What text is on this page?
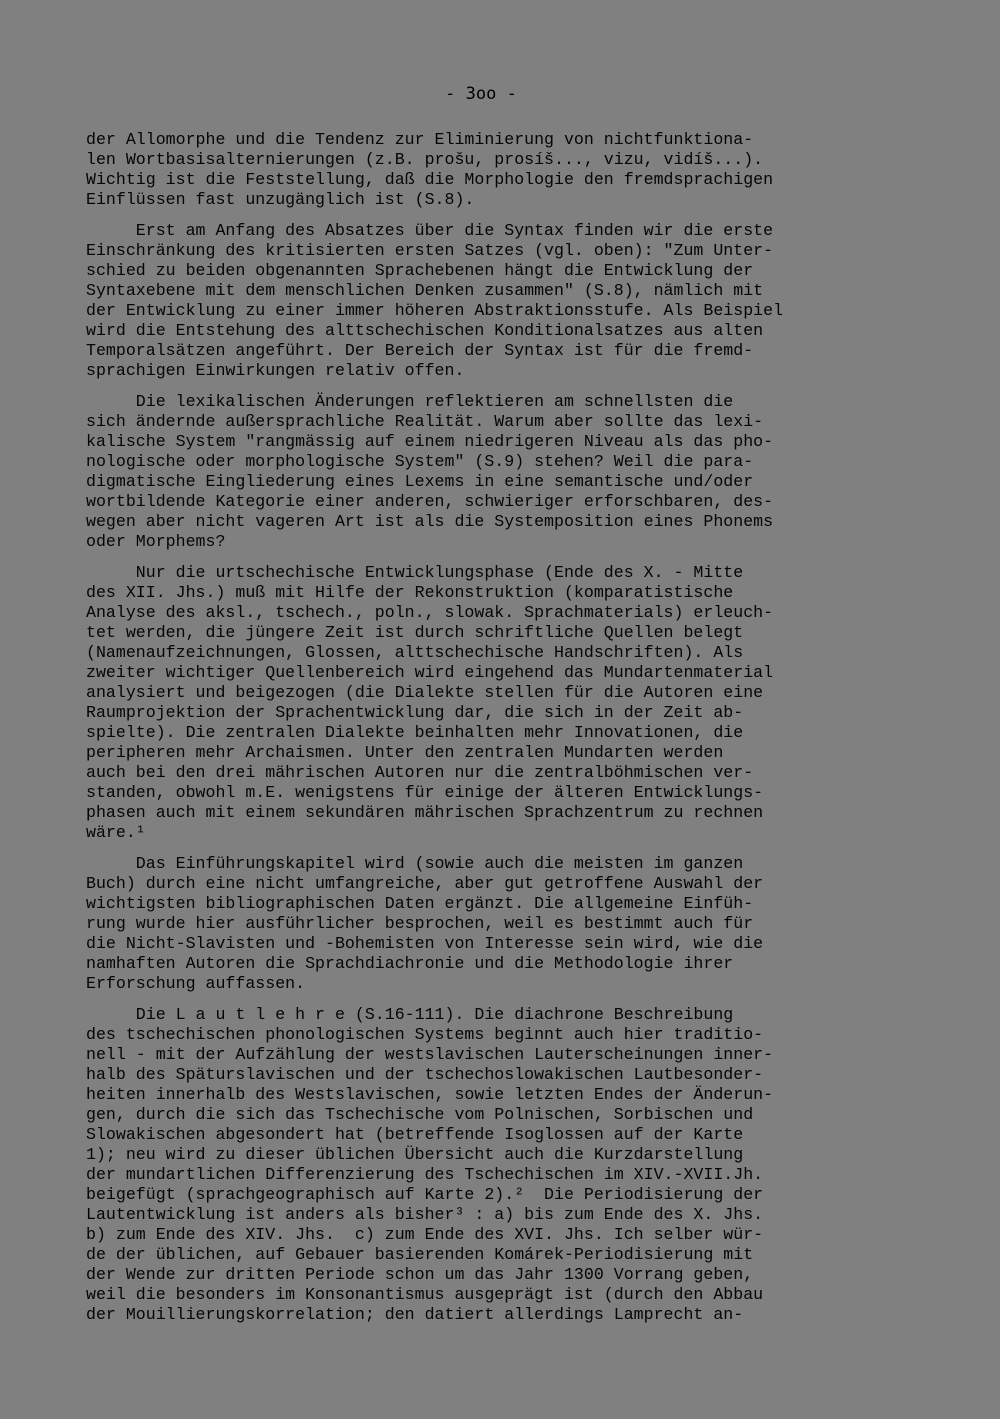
- 3oo -

der Allomorphe und die Tendenz zur Eliminierung von nichtfunktiona-
len Wortbasisalternierungen (z.B. prošu, prosíš..., vizu, vidíš...).
Wichtig ist die Feststellung, daß die Morphologie den fremdsprachigen
Einflüssen fast unzugänglich ist (S.8).
Erst am Anfang des Absatzes über die Syntax finden wir die erste
Einschränkung des kritisierten ersten Satzes (vgl. oben): "Zum Unter-
schied zu beiden obgenannten Sprachebenen hängt die Entwicklung der
Syntaxebene mit dem menschlichen Denken zusammen" (S.8), nämlich mit
der Entwicklung zu einer immer höheren Abstraktionsstufe. Als Beispiel
wird die Entstehung des alttschechischen Konditionalsatzes aus alten
Temporalsätzen angeführt. Der Bereich der Syntax ist für die fremd-
sprachigen Einwirkungen relativ offen.
Die lexikalischen Änderungen reflektieren am schnellsten die
sich ändernde außersprachliche Realität. Warum aber sollte das lexi-
kalische System "rangmässig auf einem niedrigeren Niveau als das pho-
nologische oder morphologische System" (S.9) stehen? Weil die para-
digmatische Eingliederung eines Lexems in eine semantische und/oder
wortbildende Kategorie einer anderen, schwieriger erforschbaren, des-
wegen aber nicht vageren Art ist als die Systemposition eines Phonems
oder Morphems?
Nur die urtschechische Entwicklungsphase (Ende des X. - Mitte
des XII. Jhs.) muß mit Hilfe der Rekonstruktion (komparatistische
Analyse des aksl., tschech., poln., slowak. Sprachmaterials) erleuch-
tet werden, die jüngere Zeit ist durch schriftliche Quellen belegt
(Namenaufzeichnungen, Glossen, alttschechische Handschriften). Als
zweiter wichtiger Quellenbereich wird eingehend das Mundartenmaterial
analysiert und beigezogen (die Dialekte stellen für die Autoren eine
Raumprojektion der Sprachentwicklung dar, die sich in der Zeit ab-
spielte). Die zentralen Dialekte beinhalten mehr Innovationen, die
peripheren mehr Archaismen. Unter den zentralen Mundarten werden
auch bei den drei mährischen Autoren nur die zentralböhmischen ver-
standen, obwohl m.E. wenigstens für einige der älteren Entwicklungs-
phasen auch mit einem sekundären mährischen Sprachzentrum zu rechnen
wäre.¹
Das Einführungskapitel wird (sowie auch die meisten im ganzen
Buch) durch eine nicht umfangreiche, aber gut getroffene Auswahl der
wichtigsten bibliographischen Daten ergänzt. Die allgemeine Einfüh-
rung wurde hier ausführlicher besprochen, weil es bestimmt auch für
die Nicht-Slavisten und -Bohemisten von Interesse sein wird, wie die
namhaften Autoren die Sprachdiachronie und die Methodologie ihrer
Erforschung auffassen.
Die L a u t l e h r e (S.16-111). Die diachrone Beschreibung
des tschechischen phonologischen Systems beginnt auch hier traditio-
nell - mit der Aufzählung der westslavischen Lauterscheinungen inner-
halb des Späturslavischen und der tschechoslowakischen Lautbesonder-
heiten innerhalb des Westslavischen, sowie letzten Endes der Änderun-
gen, durch die sich das Tschechische vom Polnischen, Sorbischen und
Slowakischen abgesondert hat (betreffende Isoglossen auf der Karte
1); neu wird zu dieser üblichen Übersicht auch die Kurzdarstellung
der mundartlichen Differenzierung des Tschechischen im XIV.-XVII.Jh.
beigefügt (sprachgeographisch auf Karte 2).²  Die Periodisierung der
Lautentwicklung ist anders als bisher³ : a) bis zum Ende des X. Jhs.
b) zum Ende des XIV. Jhs.  c) zum Ende des XVI. Jhs. Ich selber wür-
de der üblichen, auf Gebauer basierenden Komárek-Periodisierung mit
der Wende zur dritten Periode schon um das Jahr 1300 Vorrang geben,
weil die besonders im Konsonantismus ausgeprägt ist (durch den Abbau
der Mouillierungskorrelation; den datiert allerdings Lamprecht an-
